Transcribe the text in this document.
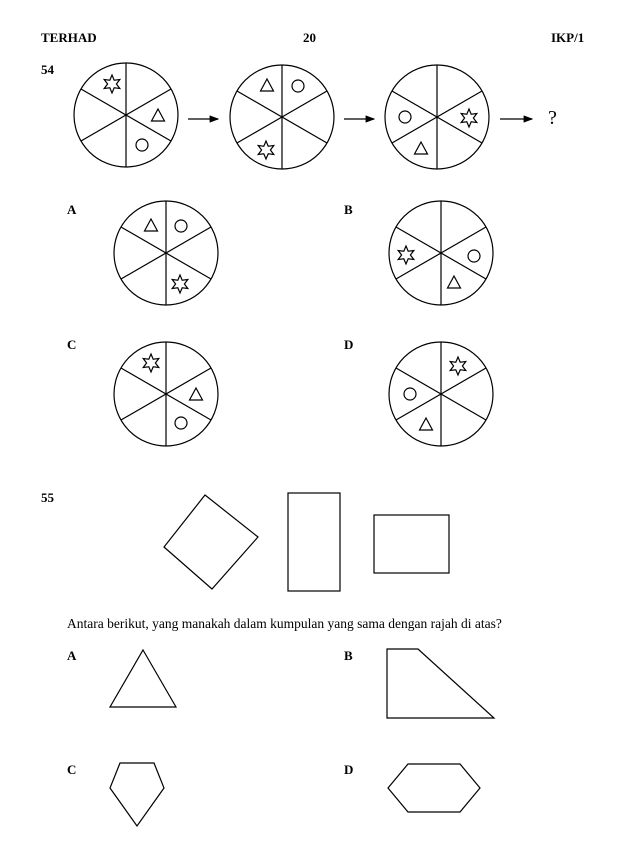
TERHAD	20	IKP/1
54
?
A	B
C	D
55
Antara berikut, yang manakah dalam kumpulan yang sama dengan rajah di atas?
A	B
C	D
